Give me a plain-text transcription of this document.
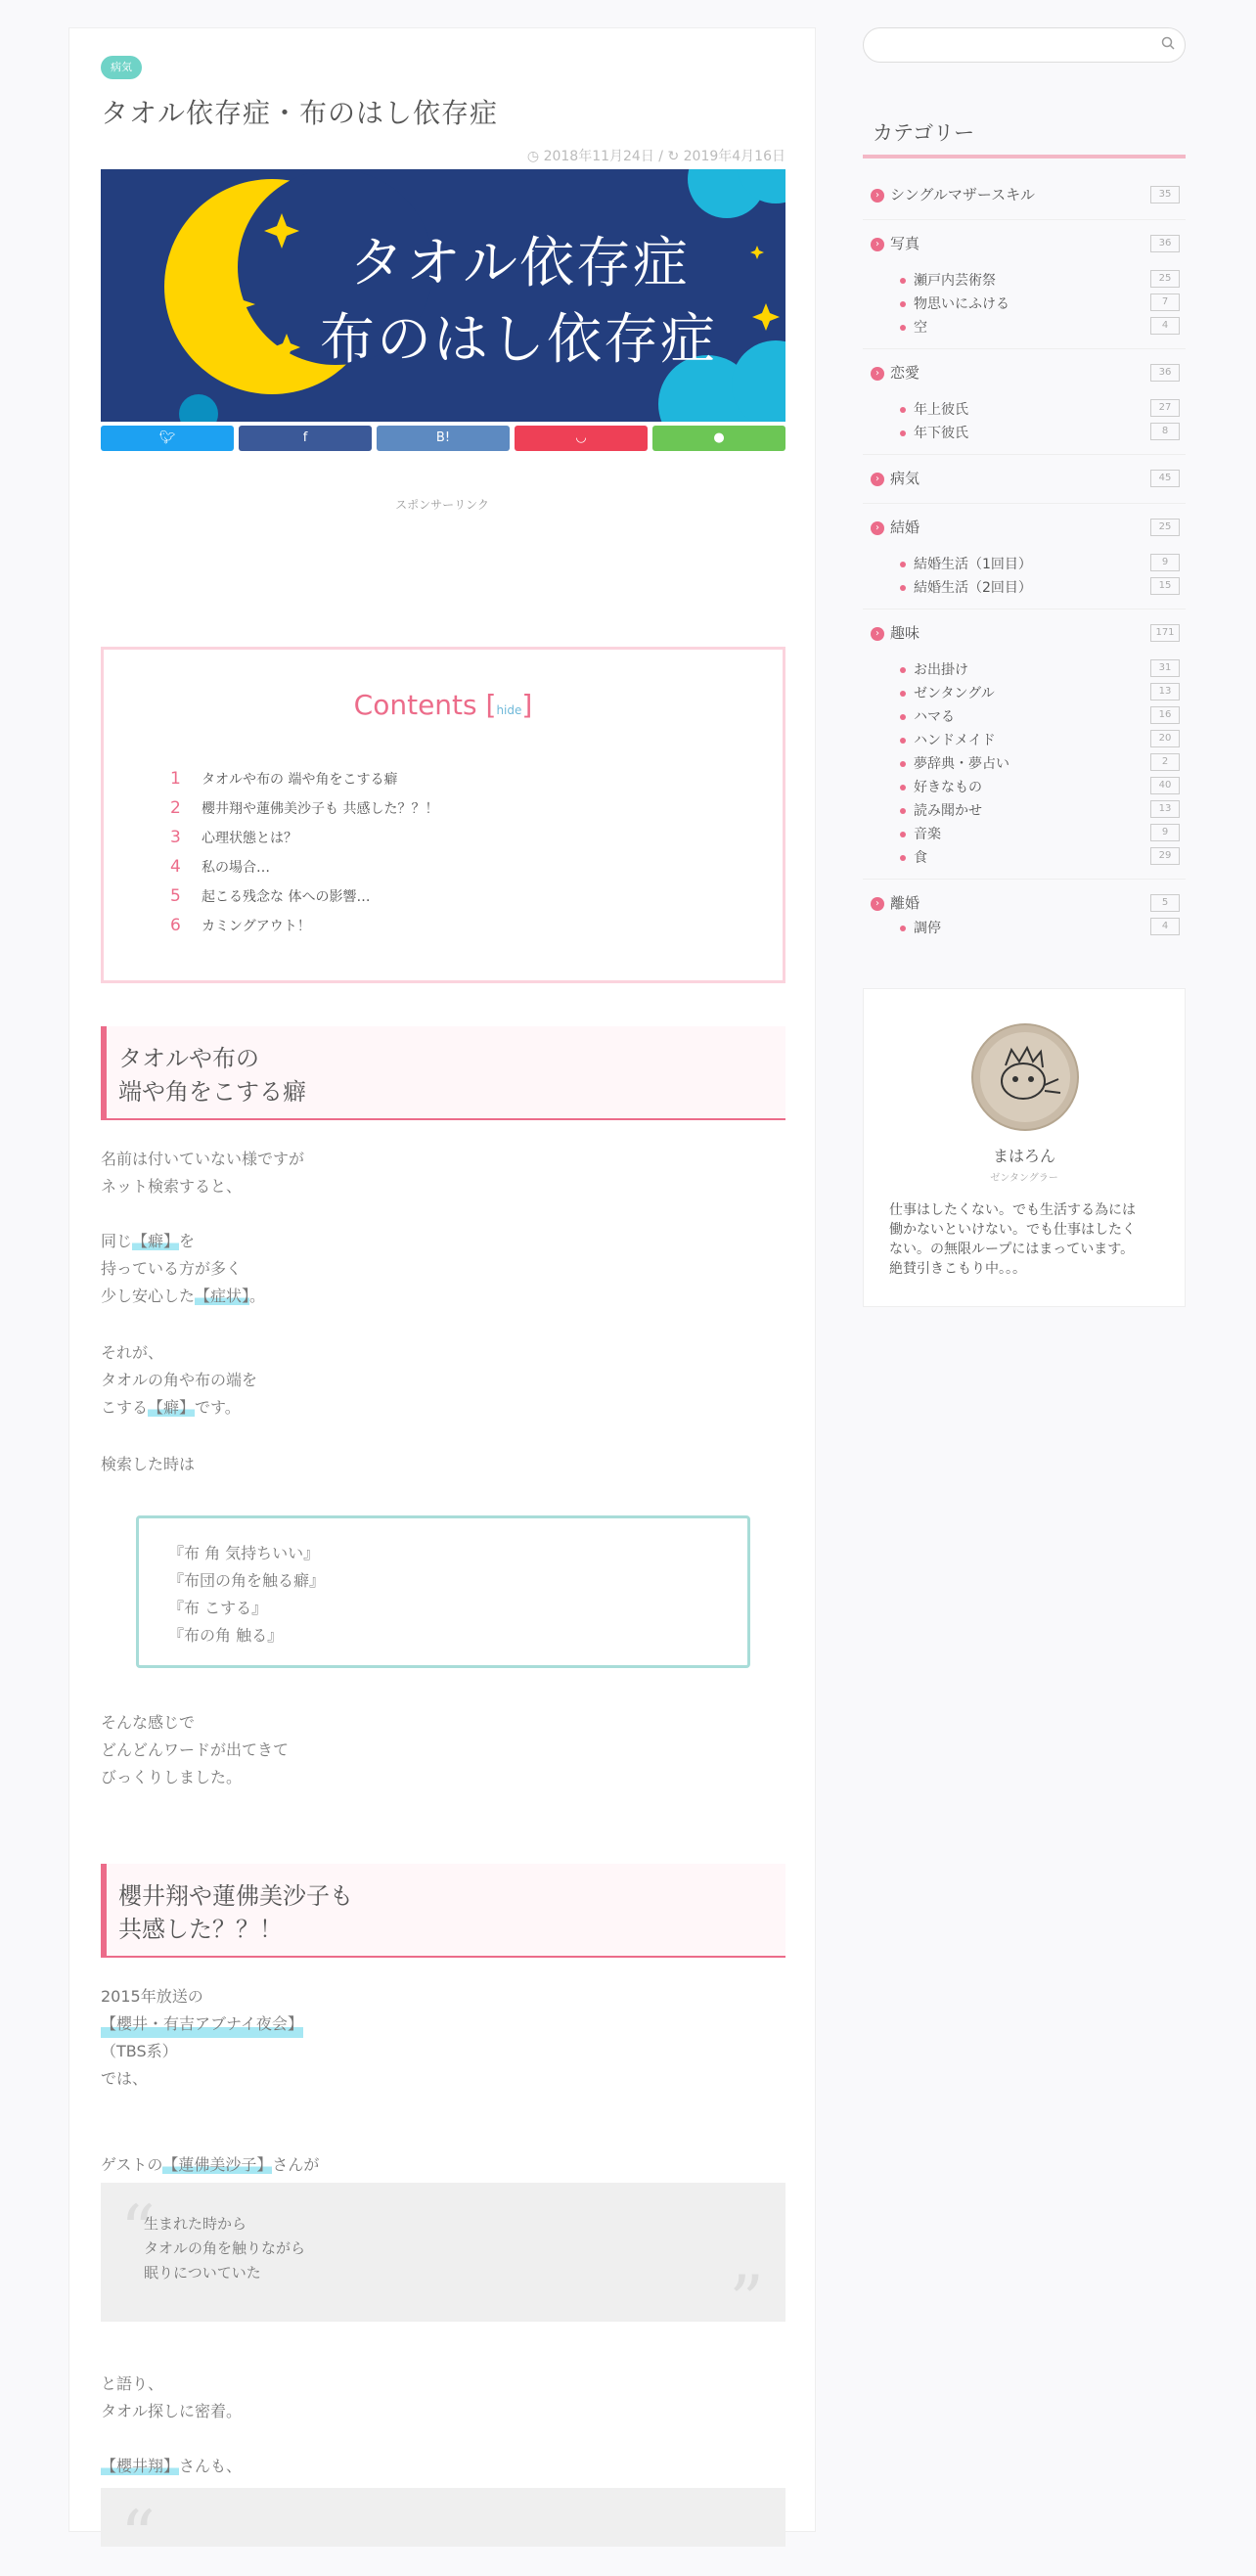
病気
タオル依存症・布のはし依存症
◷ 2018年11月24日 / ↻ 2019年4月16日
タオル依存症
布のはし依存症
🐦︎	f	B!	◡	●
スポンサーリンク
Contents [hide]
1 タオルや布の 端や角をこする癖
2 櫻井翔や蓮佛美沙子も 共感した？？！
3 心理状態とは？
4 私の場合…
5 起こる残念な 体への影響…
6 カミングアウト！
タオルや布の
端や角をこする癖
名前は付いていない様ですが
ネット検索すると、
同じ【癖】を
持っている方が多く
少し安心した【症状】。
それが、
タオルの角や布の端を
こする【癖】です。
検索した時は
『布 角 気持ちいい』
『布団の角を触る癖』
『布 こする』
『布の角 触る』
そんな感じで
どんどんワードが出てきて
びっくりしました。
櫻井翔や蓮佛美沙子も
共感した？？！
2015年放送の
【櫻井・有吉アブナイ夜会】
（TBS系）
では、
ゲストの【蓮佛美沙子】さんが
“
生まれた時から
タオルの角を触りながら
眠りについていた	”
と語り、
タオル探しに密着。
【櫻井翔】さんも、
“
カテゴリー
› シングルマザースキル	35
› 写真	36
瀬戸内芸術祭	25
物思いにふける	7
空	4
› 恋愛	36
年上彼氏	27
年下彼氏	8
› 病気	45
› 結婚	25
結婚生活（1回目）	9
結婚生活（2回目）	15
› 趣味	171
お出掛け	31
ゼンタングル	13
ハマる	16
ハンドメイド	20
夢辞典・夢占い	2
好きなもの	40
読み聞かせ	13
音楽	9
食	29
› 離婚	5
調停	4
まはろん
ゼンタングラー
仕事はしたくない。でも生活する為には
働かないといけない。でも仕事はしたく
ない。の無限ループにはまっています。
絶賛引きこもり中。。。
